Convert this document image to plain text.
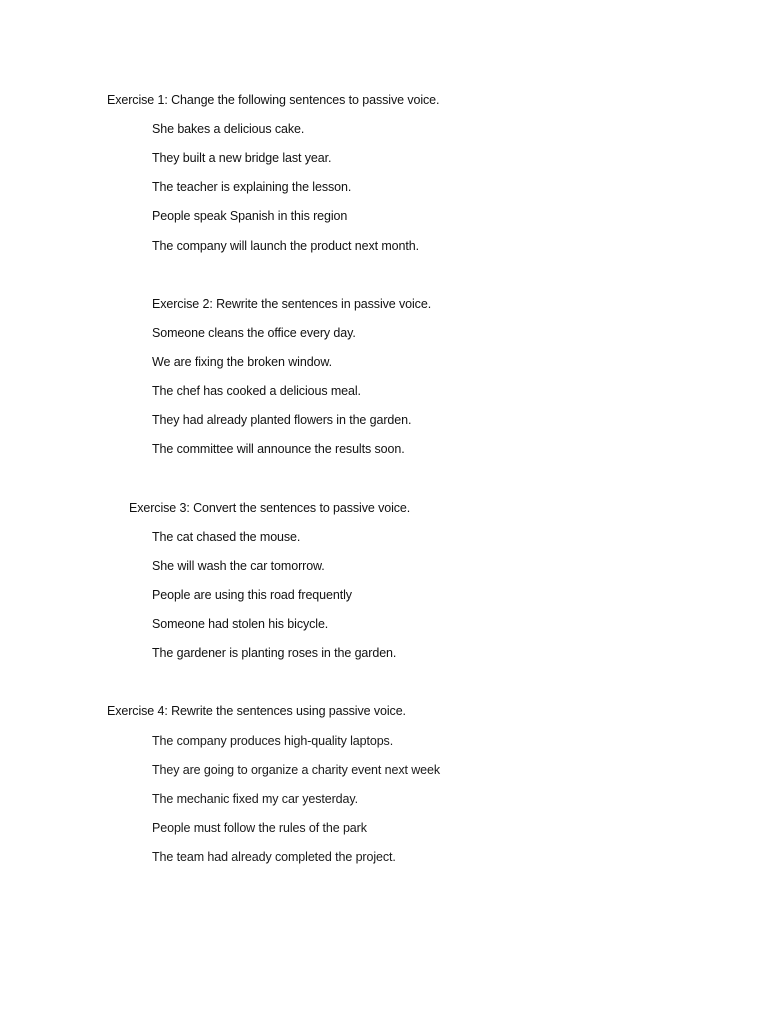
Exercise 1: Change the following sentences to passive voice.
She bakes a delicious cake.
They built a new bridge last year.
The teacher is explaining the lesson.
People speak Spanish in this region
The company will launch the product next month.
Exercise 2: Rewrite the sentences in passive voice.
Someone cleans the office every day.
We are fixing the broken window.
The chef has cooked a delicious meal.
They had already planted flowers in the garden.
The committee will announce the results soon.
Exercise 3: Convert the sentences to passive voice.
The cat chased the mouse.
She will wash the car tomorrow.
People are using this road frequently
Someone had stolen his bicycle.
The gardener is planting roses in the garden.
Exercise 4: Rewrite the sentences using passive voice.
The company produces high-quality laptops.
They are going to organize a charity event next week
The mechanic fixed my car yesterday.
People must follow the rules of the park
The team had already completed the project.
